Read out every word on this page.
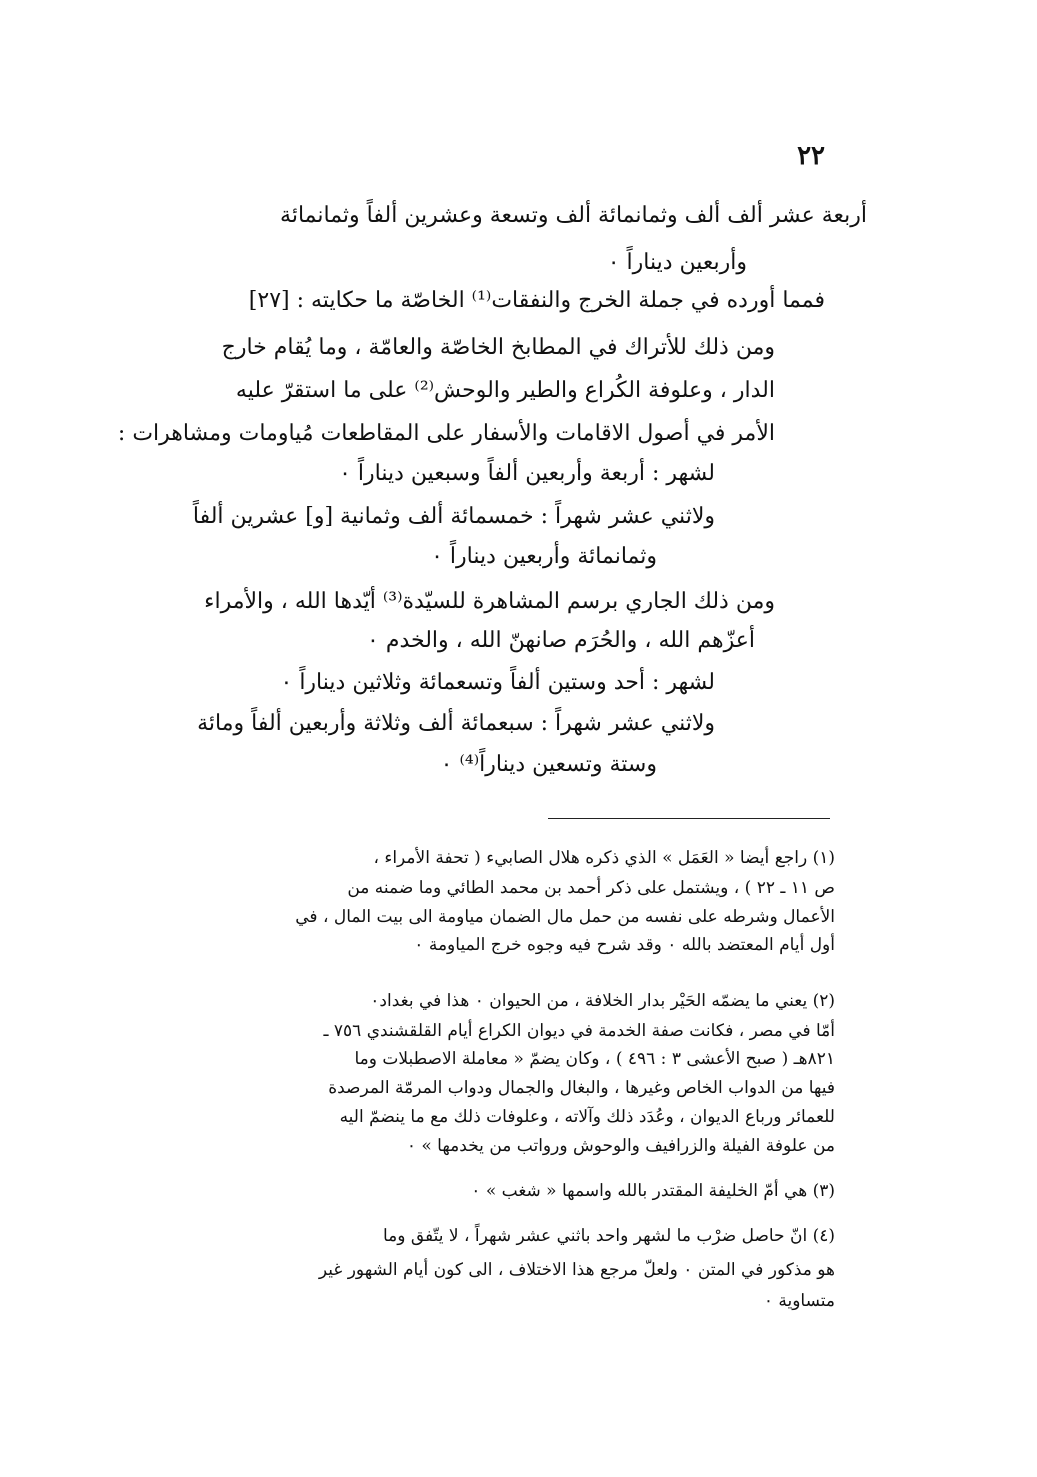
٢٢
أربعة عشر ألف ألف وثمانمائة ألف وتسعة وعشرين ألفاً وثمانمائة
وأربعين ديناراً ٠
فمما أورده في جملة الخرج والنفقات⁽¹⁾ الخاصّة ما حكايته : [٢٧]
ومن ذلك للأتراك في المطابخ الخاصّة والعامّة ، وما يُقام خارج
الدار ، وعلوفة الكُراع والطير والوحش⁽²⁾ على ما استقرّ عليه
الأمر في أصول الاقامات والأسفار على المقاطعات مُياومات ومشاهرات :
لشهر : أربعة وأربعين ألفاً وسبعين ديناراً ٠
ولاثني عشر شهراً : خمسمائة ألف وثمانية [و] عشرين ألفاً
وثمانمائة وأربعين ديناراً ٠
ومن ذلك الجاري برسم المشاهرة للسيّدة⁽³⁾ أيّدها الله ، والأمراء
أعزّهم الله ، والحُرَم صانهنّ الله ، والخدم ٠
لشهر : أحد وستين ألفاً وتسعمائة وثلاثين ديناراً ٠
ولاثني عشر شهراً : سبعمائة ألف وثلاثة وأربعين ألفاً ومائة
وستة وتسعين ديناراً⁽⁴⁾ ٠
(١) راجع أيضا « العَمَل » الذي ذكره هلال الصابيء ( تحفة الأمراء ،
ص ١١ ـ ٢٢ ) ، ويشتمل على ذكر أحمد بن محمد الطائي وما ضمنه من
الأعمال وشرطه على نفسه من حمل مال الضمان مياومة الى بيت المال ، في
أول أيام المعتضد بالله ٠ وقد شرح فيه وجوه خرج المياومة ٠
(٢) يعني ما يضمّه الحَيْر بدار الخلافة ، من الحيوان ٠ هذا في بغداد٠
أمّا في مصر ، فكانت صفة الخدمة في ديوان الكراع أيام القلقشندي ٧٥٦ ـ
٨٢١هـ ( صبح الأعشى ٣ : ٤٩٦ ) ، وكان يضمّ « معاملة الاصطبلات وما
فيها من الدواب الخاص وغيرها ، والبغال والجمال ودواب المرمّة المرصدة
للعمائر ورباع الديوان ، وعُدَد ذلك وآلاته ، وعلوفات ذلك مع ما ينضمّ اليه
من علوفة الفيلة والزرافيف والوحوش ورواتب من يخدمها » ٠
(٣) هي أمّ الخليفة المقتدر بالله واسمها « شغب » ٠
(٤) انّ حاصل ضرْب ما لشهر واحد باثني عشر شهراً ، لا يتّفق وما
هو مذكور في المتن ٠ ولعلّ مرجع هذا الاختلاف ، الى كون أيام الشهور غير
متساوية ٠
